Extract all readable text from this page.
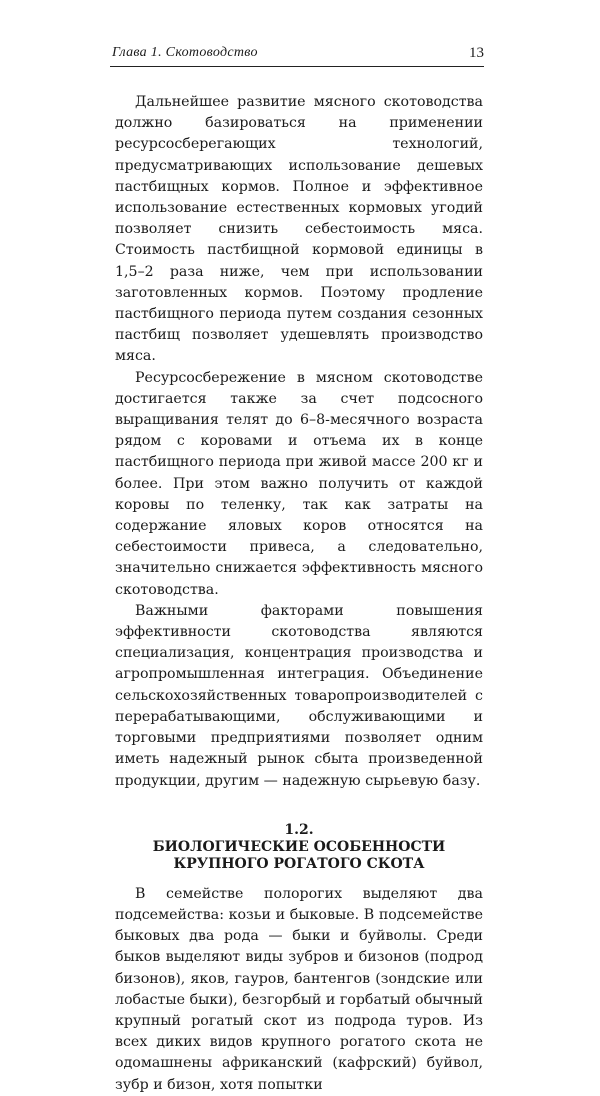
Глава 1. Скотоводство	13

Дальнейшее развитие мясного скотоводства должно базироваться на применении ресурсосберегающих технологий, предусматривающих использование дешевых пастбищных кормов. Полное и эффективное использование естественных кормовых угодий позволяет снизить себестоимость мяса. Стоимость пастбищной кормовой единицы в 1,5–2 раза ниже, чем при использовании заготовленных кормов. Поэтому продление пастбищного периода путем создания сезонных пастбищ позволяет удешевлять производство мяса.

Ресурсосбережение в мясном скотоводстве достигается также за счет подсосного выращивания телят до 6–8-месячного возраста рядом с коровами и отъема их в конце пастбищного периода при живой массе 200 кг и более. При этом важно получить от каждой коровы по теленку, так как затраты на содержание яловых коров относятся на себестоимости привеса, а следовательно, значительно снижается эффективность мясного скотоводства.

Важными факторами повышения эффективности скотоводства являются специализация, концентрация производства и агропромышленная интеграция. Объединение сельскохозяйственных товаропроизводителей с перерабатывающими, обслуживающими и торговыми предприятиями позволяет одним иметь надежный рынок сбыта произведенной продукции, другим — надежную сырьевую базу.

1.2.
БИОЛОГИЧЕСКИЕ ОСОБЕННОСТИ
КРУПНОГО РОГАТОГО СКОТА

В семействе полорогих выделяют два подсемейства: козьи и быковые. В подсемействе быковых два рода — быки и буйволы. Среди быков выделяют виды зубров и бизонов (подрод бизонов), яков, гауров, бантенгов (зондские или лобастые быки), безгорбый и горбатый обычный крупный рогатый скот из подрода туров. Из всех диких видов крупного рогатого скота не одомашнены африканский (кафрский) буйвол, зубр и бизон, хотя попытки
